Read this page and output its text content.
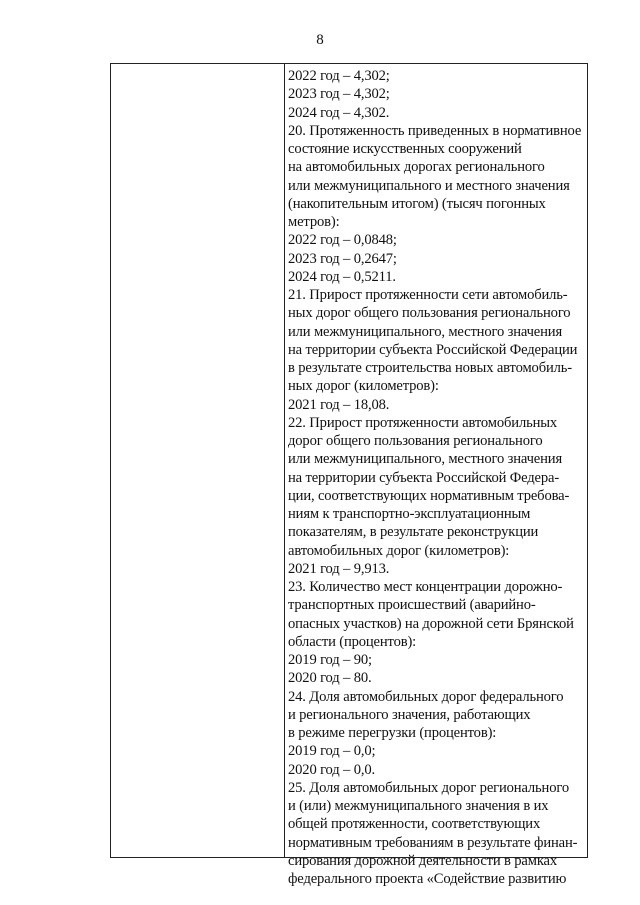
8
2022 год – 4,302;
2023 год – 4,302;
2024 год – 4,302.
20. Протяженность приведенных в нормативное
состояние искусственных сооружений
на автомобильных дорогах регионального
или межмуниципального и местного значения
(накопительным итогом) (тысяч погонных
метров):
2022 год – 0,0848;
2023 год – 0,2647;
2024 год – 0,5211.
21. Прирост протяженности сети автомобиль-
ных дорог общего пользования регионального
или межмуниципального, местного значения
на территории субъекта Российской Федерации
в результате строительства новых автомобиль-
ных дорог (километров):
2021 год – 18,08.
22. Прирост протяженности автомобильных
дорог общего пользования регионального
или межмуниципального, местного значения
на территории субъекта Российской Федера-
ции, соответствующих нормативным требова-
ниям к транспортно-эксплуатационным
показателям, в результате реконструкции
автомобильных дорог (километров):
2021 год – 9,913.
23. Количество мест концентрации дорожно-
транспортных происшествий (аварийно-
опасных участков) на дорожной сети Брянской
области (процентов):
2019 год – 90;
2020 год – 80.
24. Доля автомобильных дорог федерального
и регионального значения, работающих
в режиме перегрузки (процентов):
2019 год – 0,0;
2020 год – 0,0.
25. Доля автомобильных дорог регионального
и (или) межмуниципального значения в их
общей протяженности, соответствующих
нормативным требованиям в результате финан-
сирования дорожной деятельности в рамках
федерального проекта «Содействие развитию
